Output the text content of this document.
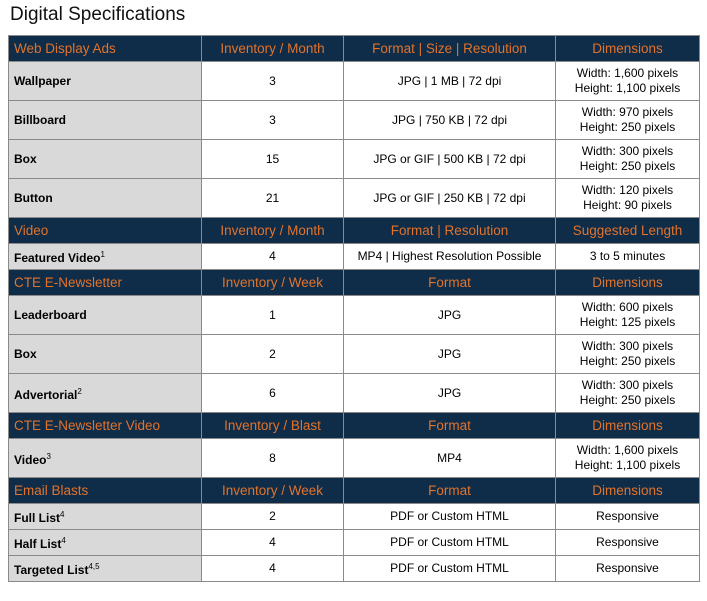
Digital Specifications
Web Display Ads	Inventory / Month	Format | Size | Resolution	Dimensions
Wallpaper	3	JPG | 1 MB | 72 dpi	Width: 1,600 pixels
Height: 1,100 pixels

Billboard	3	JPG | 750 KB | 72 dpi	Width: 970 pixels
Height: 250 pixels

Box	15	JPG or GIF | 500 KB | 72 dpi	Width: 300 pixels
Height: 250 pixels

Button	21	JPG or GIF | 250 KB | 72 dpi	Width: 120 pixels
Height: 90 pixels

Video	Inventory / Month	Format | Resolution	Suggested Length
Featured Video$^1$	4	MP4 | Highest Resolution Possible	3 to 5 minutes

CTE E-Newsletter	Inventory / Week	Format	Dimensions
Leaderboard	1	JPG	Width: 600 pixels
Height: 125 pixels

Box	2	JPG	Width: 300 pixels
Height: 250 pixels

Advertorial$^2$	6	JPG	Width: 300 pixels
Height: 250 pixels

CTE E-Newsletter Video	Inventory / Blast	Format	Dimensions
Video$^3$	8	MP4	Width: 1,600 pixels
Height: 1,100 pixels

Email Blasts	Inventory / Week	Format	Dimensions
Full List$^4$	2	PDF or Custom HTML	Responsive

Half List$^4$	4	PDF or Custom HTML	Responsive

Targeted List$^{4,5}$	4	PDF or Custom HTML	Responsive
